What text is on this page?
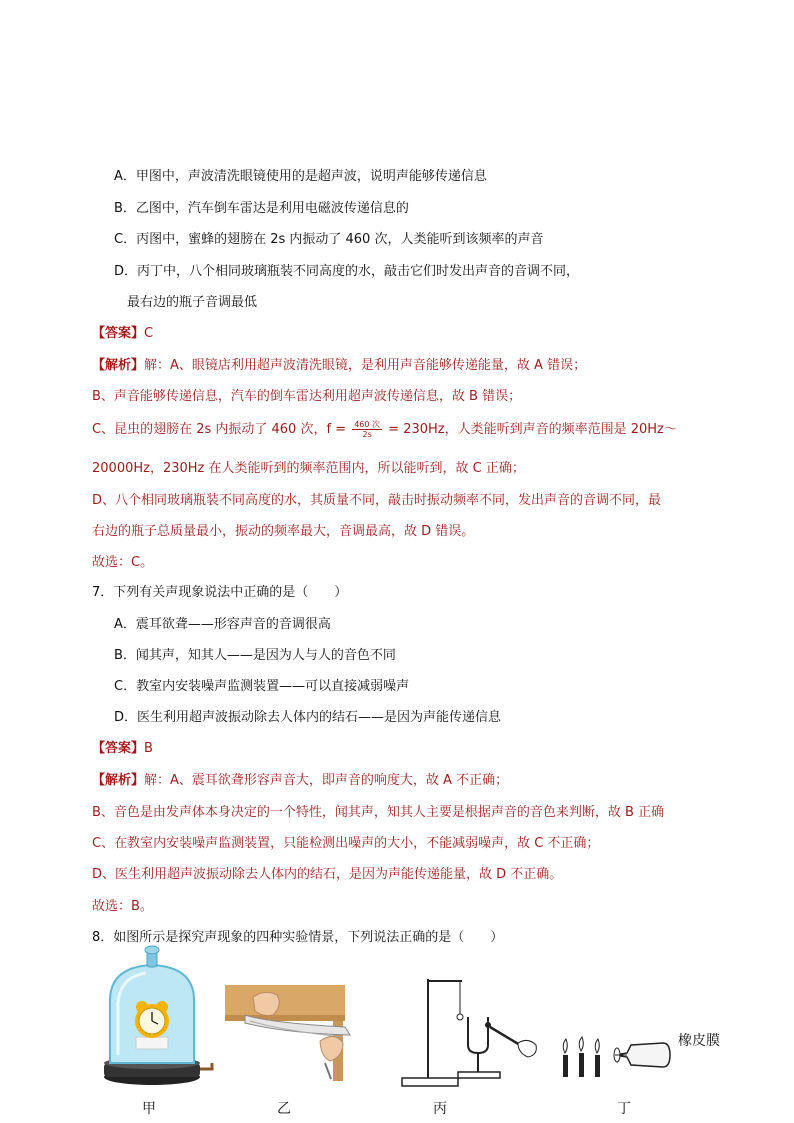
A．甲图中，声波清洗眼镜使用的是超声波，说明声能够传递信息
B．乙图中，汽车倒车雷达是利用电磁波传递信息的
C．丙图中，蜜蜂的翅膀在 2s 内振动了 460 次，人类能听到该频率的声音
D．丙丁中，八个相同玻璃瓶装不同高度的水，敲击它们时发出声音的音调不同，
最右边的瓶子音调最低
【答案】C
【解析】解：A、眼镜店利用超声波清洗眼镜，是利用声音能够传递能量，故 A 错误；
B、声音能够传递信息，汽车的倒车雷达利用超声波传递信息，故 B 错误；
C、昆虫的翅膀在 2s 内振动了 460 次，$f = \frac{\text{460 次}}{2s} = 230Hz$，人类能听到声音的频率范围是 20Hz～
20000Hz，230Hz 在人类能听到的频率范围内，所以能听到，故 C 正确；
D、八个相同玻璃瓶装不同高度的水，其质量不同，敲击时振动频率不同，发出声音的音调不同，最
右边的瓶子总质量最小，振动的频率最大，音调最高，故 D 错误。
故选：C。
7．下列有关声现象说法中正确的是（　　）
A．震耳欲聋——形容声音的音调很高
B．闻其声，知其人——是因为人与人的音色不同
C．教室内安装噪声监测装置——可以直接减弱噪声
D．医生利用超声波振动除去人体内的结石——是因为声能传递信息
【答案】B
【解析】解：A、震耳欲聋形容声音大，即声音的响度大，故 A 不正确；
B、音色是由发声体本身决定的一个特性，闻其声，知其人主要是根据声音的音色来判断，故 B 正确
C、在教室内安装噪声监测装置，只能检测出噪声的大小，不能减弱噪声，故 C 不正确；
D、医生利用超声波振动除去人体内的结石，是因为声能传递能量，故 D 不正确。
故选：B。
8．如图所示是探究声现象的四种实验情景，下列说法正确的是（　　）
橡皮膜
甲	乙	丙	丁
